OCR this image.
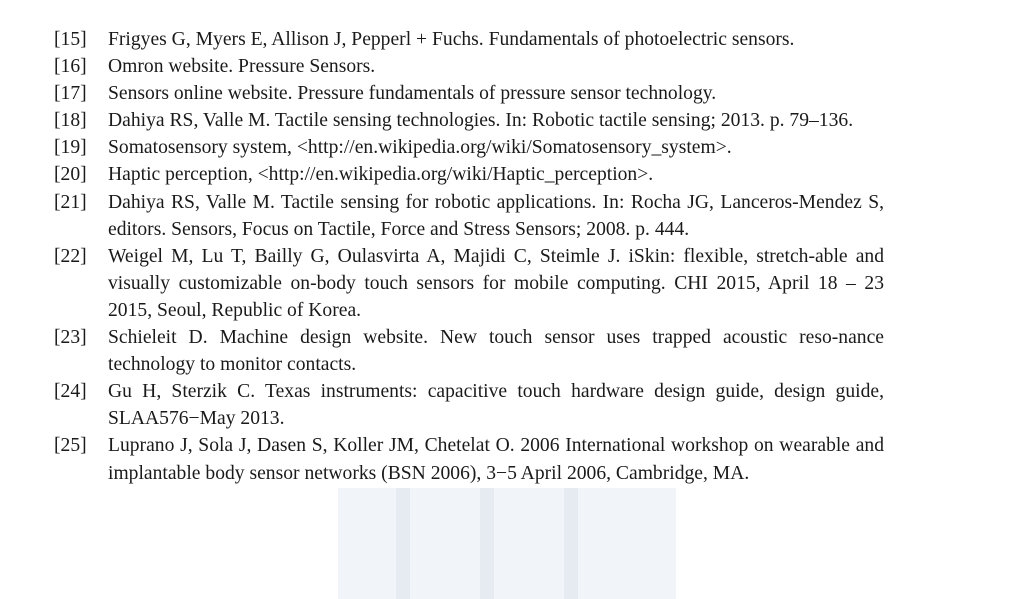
[15]	Frigyes G, Myers E, Allison J, Pepperl + Fuchs. Fundamentals of photoelectric sensors.
[16]	Omron website. Pressure Sensors.
[17]	Sensors online website. Pressure fundamentals of pressure sensor technology.
[18]	Dahiya RS, Valle M. Tactile sensing technologies. In: Robotic tactile sensing; 2013. p. 79–136.
[19]	Somatosensory system, <http://en.wikipedia.org/wiki/Somatosensory_system>.
[20]	Haptic perception, <http://en.wikipedia.org/wiki/Haptic_perception>.
[21]	Dahiya RS, Valle M. Tactile sensing for robotic applications. In: Rocha JG, Lanceros-Mendez S, editors. Sensors, Focus on Tactile, Force and Stress Sensors; 2008. p. 444.
[22]	Weigel M, Lu T, Bailly G, Oulasvirta A, Majidi C, Steimle J. iSkin: flexible, stretch-able and visually customizable on-body touch sensors for mobile computing. CHI 2015, April 18 – 23 2015, Seoul, Republic of Korea.
[23]	Schieleit D. Machine design website. New touch sensor uses trapped acoustic reso-nance technology to monitor contacts.
[24]	Gu H, Sterzik C. Texas instruments: capacitive touch hardware design guide, design guide, SLAA576−May 2013.
[25]	Luprano J, Sola J, Dasen S, Koller JM, Chetelat O. 2006 International workshop on wearable and implantable body sensor networks (BSN 2006), 3−5 April 2006, Cambridge, MA.
